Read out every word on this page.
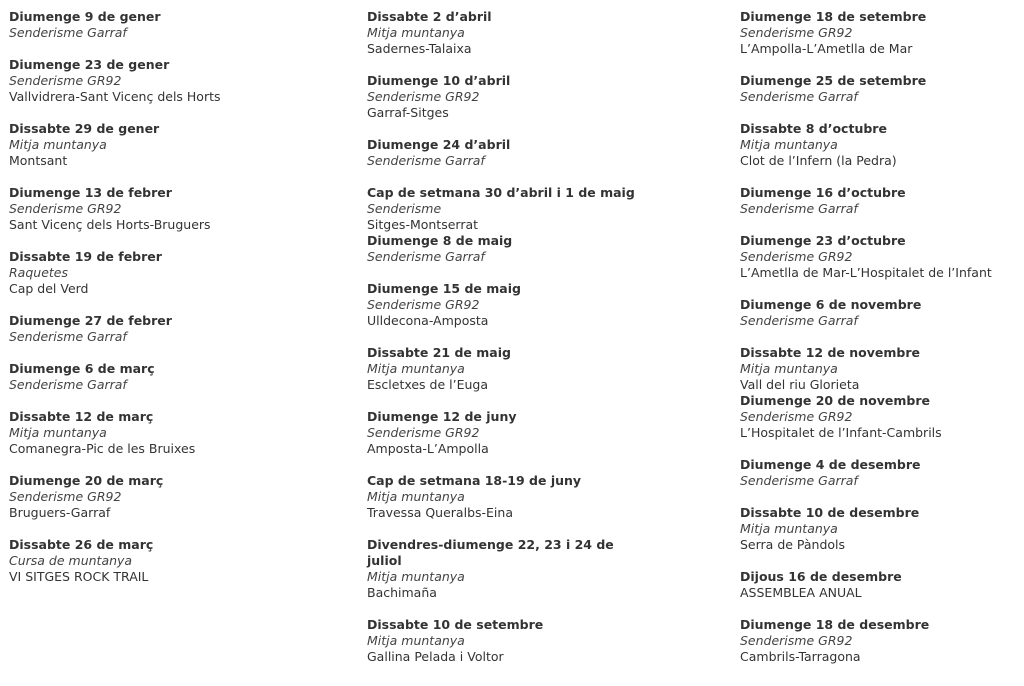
Diumenge 9 de gener
Senderisme Garraf
Diumenge 23 de gener
Senderisme GR92
Vallvidrera-Sant Vicenç dels Horts
Dissabte 29 de gener
Mitja muntanya
Montsant
Diumenge 13 de febrer
Senderisme GR92
Sant Vicenç dels Horts-Bruguers
Dissabte 19 de febrer
Raquetes
Cap del Verd
Diumenge 27 de febrer
Senderisme Garraf
Diumenge 6 de març
Senderisme Garraf
Dissabte 12 de març
Mitja muntanya
Comanegra-Pic de les Bruixes
Diumenge 20 de març
Senderisme GR92
Bruguers-Garraf
Dissabte 26 de març
Cursa de muntanya
VI SITGES ROCK TRAIL
Dissabte 2 d’abril
Mitja muntanya
Sadernes-Talaixa
Diumenge 10 d’abril
Senderisme GR92
Garraf-Sitges
Diumenge 24 d’abril
Senderisme Garraf
Cap de setmana 30 d’abril i 1 de maig
Senderisme
Sitges-Montserrat
Diumenge 8 de maig
Senderisme Garraf
Diumenge 15 de maig
Senderisme GR92
Ulldecona-Amposta
Dissabte 21 de maig
Mitja muntanya
Escletxes de l’Euga
Diumenge 12 de juny
Senderisme GR92
Amposta-L’Ampolla
Cap de setmana 18-19 de juny
Mitja muntanya
Travessa Queralbs-Eina
Divendres-diumenge 22, 23 i 24 de juliol
Mitja muntanya
Bachimaña
Dissabte 10 de setembre
Mitja muntanya
Gallina Pelada i Voltor
Diumenge 18 de setembre
Senderisme GR92
L’Ampolla-L’Ametlla de Mar
Diumenge 25 de setembre
Senderisme Garraf
Dissabte 8 d’octubre
Mitja muntanya
Clot de l’Infern (la Pedra)
Diumenge 16 d’octubre
Senderisme Garraf
Diumenge 23 d’octubre
Senderisme GR92
L’Ametlla de Mar-L’Hospitalet de l’Infant
Diumenge 6 de novembre
Senderisme Garraf
Dissabte 12 de novembre
Mitja muntanya
Vall del riu Glorieta
Diumenge 20 de novembre
Senderisme GR92
L’Hospitalet de l’Infant-Cambrils
Diumenge 4 de desembre
Senderisme Garraf
Dissabte 10 de desembre
Mitja muntanya
Serra de Pàndols
Dijous 16 de desembre
ASSEMBLEA ANUAL
Diumenge 18 de desembre
Senderisme GR92
Cambrils-Tarragona
